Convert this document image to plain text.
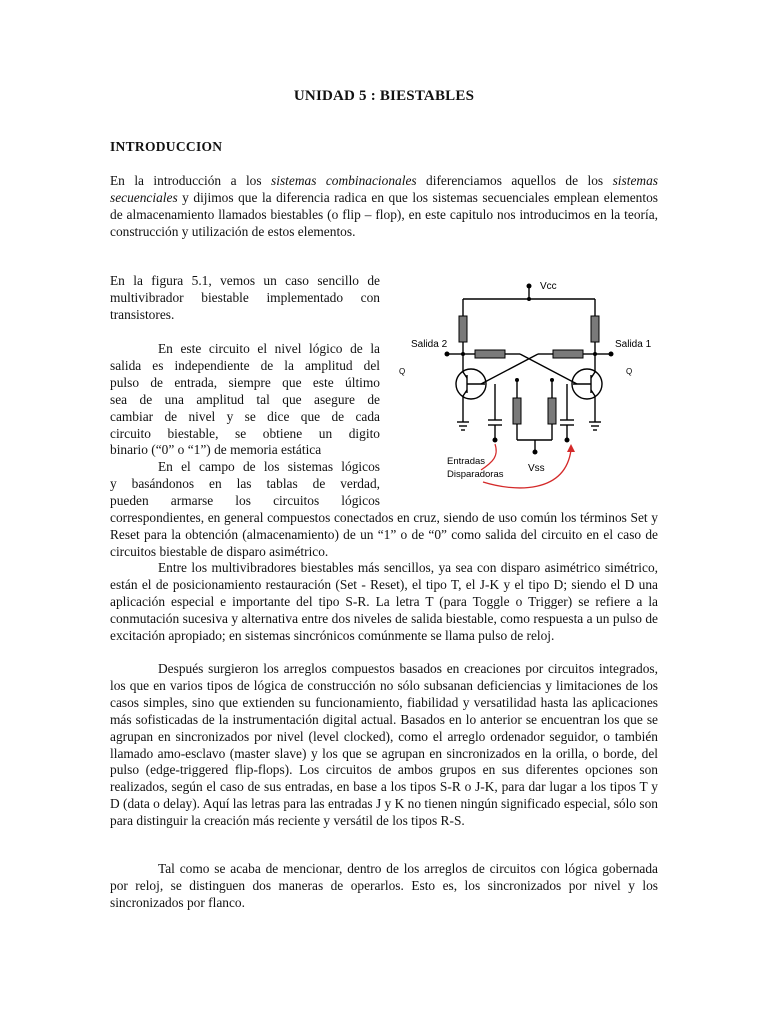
UNIDAD 5 : BIESTABLES
INTRODUCCION

En la introducción a los sistemas combinacionales diferenciamos aquellos de los sistemas secuenciales y dijimos que la diferencia radica en que los sistemas secuenciales emplean elementos de almacenamiento llamados biestables (o flip – flop), en este capitulo nos introducimos en la teoría, construcción y utilización de estos elementos.

En la figura 5.1, vemos un caso sencillo de
multivibrador biestable implementado con
transistores.
En este circuito el nivel lógico de la
salida es independiente de la amplitud del
pulso de entrada, siempre que este último
sea de una amplitud tal que asegure de
cambiar de nivel y se dice que de cada
circuito biestable, se obtiene un digito
binario (“0” o “1”) de memoria estática
En el campo de los sistemas lógicos
y basándonos en las tablas de verdad,
pueden armarse los circuitos lógicos

correspondientes, en general compuestos conectados en cruz, siendo de uso común los términos Set y Reset para la obtención (almacenamiento) de un “1” o de “0” como salida del circuito en el caso de circuitos biestable de disparo asimétrico.

Entre los multivibradores biestables más sencillos, ya sea con disparo asimétrico simétrico, están el de posicionamiento restauración (Set - Reset), el tipo T, el J-K y el tipo D; siendo el D una aplicación especial e importante del tipo S-R. La letra T (para Toggle o Trigger) se refiere a la conmutación sucesiva y alternativa entre dos niveles de salida biestable, como respuesta a un pulso de excitación apropiado; en sistemas sincrónicos comúnmente se llama pulso de reloj.

Después surgieron los arreglos compuestos basados en creaciones por circuitos integrados, los que en varios tipos de lógica de construcción no sólo subsanan deficiencias y limitaciones de los casos simples, sino que extienden su funcionamiento, fiabilidad y versatilidad hasta las aplicaciones más sofisticadas de la instrumentación digital actual. Basados en lo anterior se encuentran los que se agrupan en sincronizados por nivel (level clocked), como el arreglo ordenador seguidor, o también llamado amo-esclavo (master slave) y los que se agrupan en sincronizados en la orilla, o borde, del pulso (edge-triggered flip-flops). Los circuitos de ambos grupos en sus diferentes opciones son realizados, según el caso de sus entradas, en base a los tipos S-R o J-K, para dar lugar a los tipos T y D (data o delay). Aquí las letras para las entradas J y K no tienen ningún significado especial, sólo son para distinguir la creación más reciente y versátil de los tipos R-S.

Tal como se acaba de mencionar, dentro de los arreglos de circuitos con lógica gobernada por reloj, se distinguen dos maneras de operarlos. Esto es, los sincronizados por nivel y los sincronizados por flanco.

Vcc
Salida 2	Salida 1
Q	Q
Vss
Entradas
Disparadoras
